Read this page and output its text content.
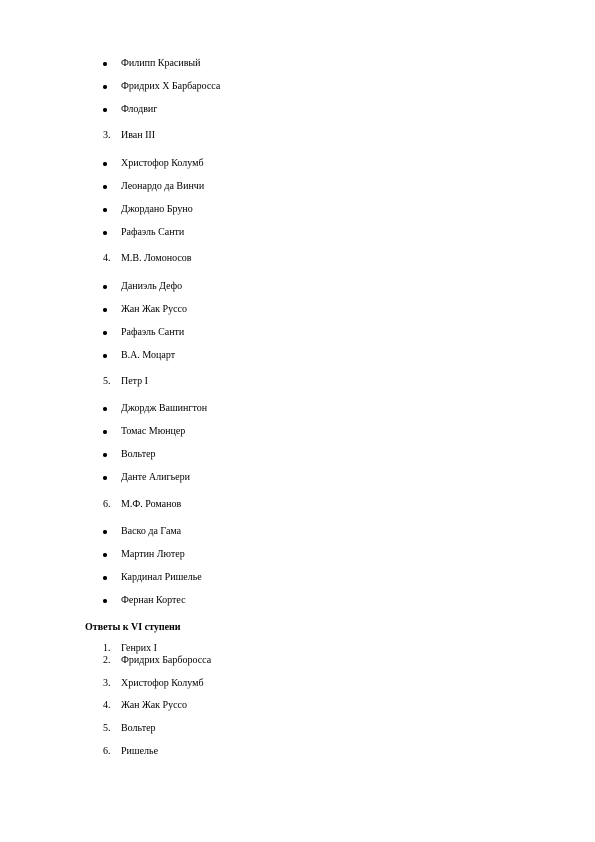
Филипп Красивый
Фридрих Х Барбаросса
Флодвиг
3. Иван III
Христофор Колумб
Леонардо да Винчи
Джордано Бруно
Рафаэль Санти
4. М.В. Ломоносов
Даниэль Дефо
Жан Жак Руссо
Рафаэль Санти
В.А. Моцарт
5. Петр I
Джордж Вашингтон
Томас Мюнцер
Вольтер
Данте Алигьери
6. М.Ф. Романов
Васко да Гама
Мартин Лютер
Кардинал Ришелье
Фернан Кортес
Ответы к VI ступени
1. Генрих I
2. Фридрих Барборосса
3. Христофор Колумб
4. Жан Жак Руссо
5. Вольтер
6. Ришелье
